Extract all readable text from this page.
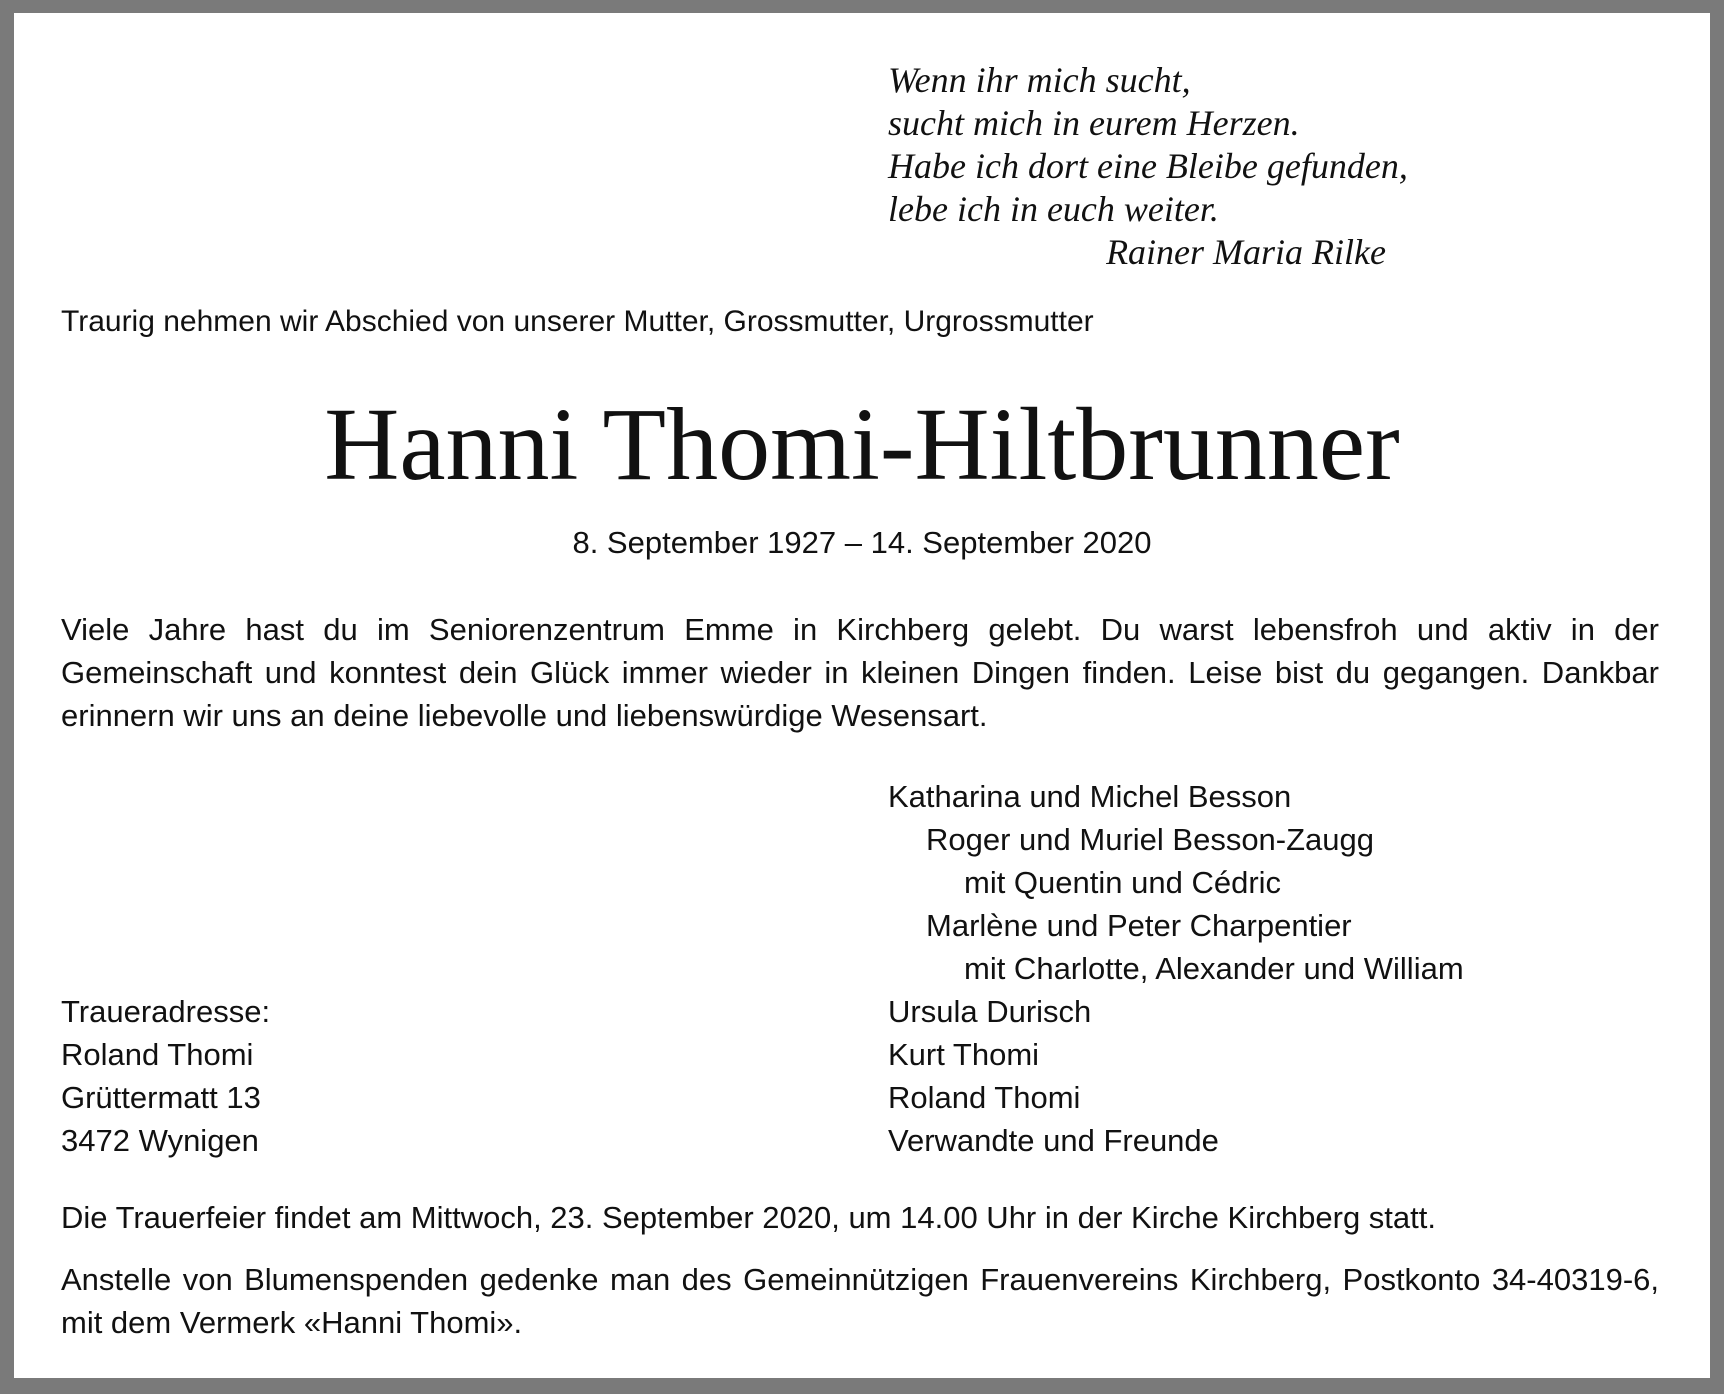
Wenn ihr mich sucht,
sucht mich in eurem Herzen.
Habe ich dort eine Bleibe gefunden,
lebe ich in euch weiter.
Rainer Maria Rilke
Traurig nehmen wir Abschied von unserer Mutter, Grossmutter, Urgrossmutter
Hanni Thomi-Hiltbrunner
8. September 1927 – 14. September 2020
Viele Jahre hast du im Seniorenzentrum Emme in Kirchberg gelebt. Du warst lebensfroh und aktiv in der Gemeinschaft und konntest dein Glück immer wieder in kleinen Dingen finden. Leise bist du gegangen. Dankbar erinnern wir uns an deine liebevolle und liebenswürdige Wesensart.
Katharina und Michel Besson
Roger und Muriel Besson-Zaugg
mit Quentin und Cédric
Marlène und Peter Charpentier
mit Charlotte, Alexander und William
Ursula Durisch
Kurt Thomi
Roland Thomi
Verwandte und Freunde
Traueradresse:
Roland Thomi
Grüttermatt 13
3472 Wynigen
Die Trauerfeier findet am Mittwoch, 23. September 2020, um 14.00 Uhr in der Kirche Kirchberg statt.
Anstelle von Blumenspenden gedenke man des Gemeinnützigen Frauenvereins Kirchberg, Postkonto 34-40319-6, mit dem Vermerk «Hanni Thomi».
